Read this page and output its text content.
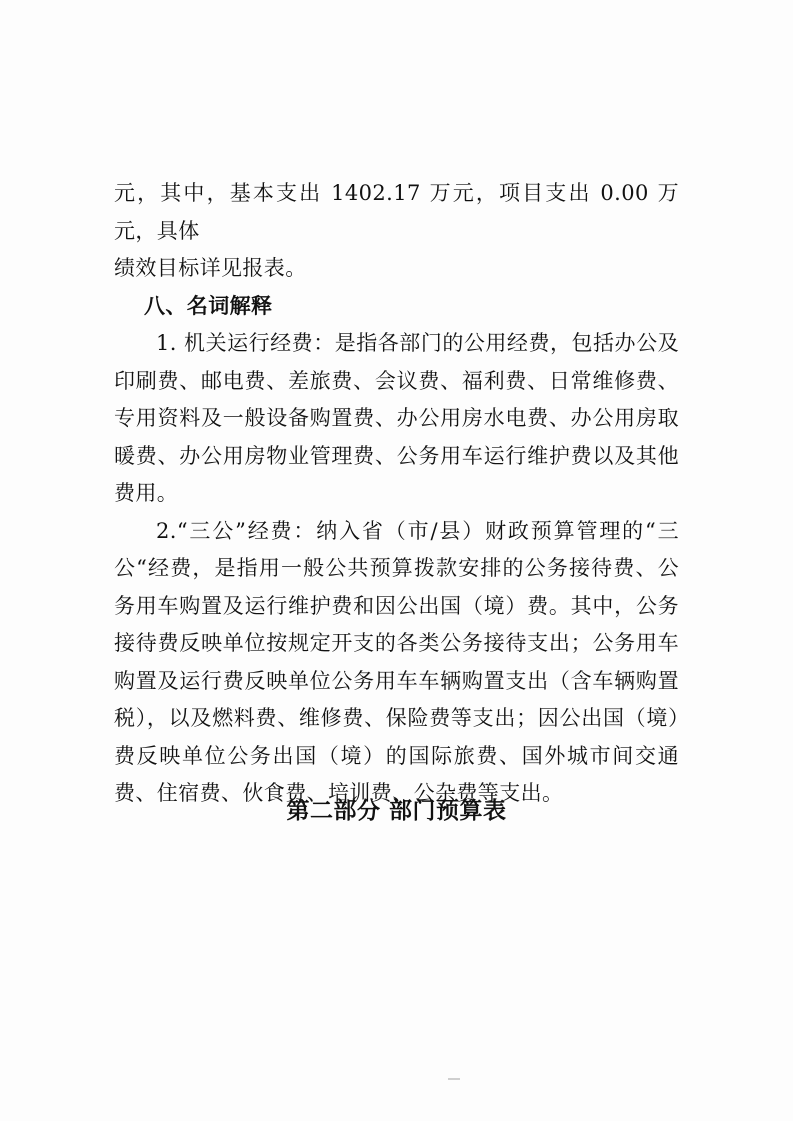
元，其中，基本支出 1402.17 万元，项目支出 0.00 万元，具体

绩效目标详见报表。

八、名词解释

1. 机关运行经费：是指各部门的公用经费，包括办公及印刷费、邮电费、差旅费、会议费、福利费、日常维修费、专用资料及一般设备购置费、办公用房水电费、办公用房取暖费、办公用房物业管理费、公务用车运行维护费以及其他费用。

2.“三公”经费：纳入省（市/县）财政预算管理的“三公“经费，是指用一般公共预算拨款安排的公务接待费、公务用车购置及运行维护费和因公出国（境）费。其中，公务接待费反映单位按规定开支的各类公务接待支出；公务用车购置及运行费反映单位公务用车车辆购置支出（含车辆购置税），以及燃料费、维修费、保险费等支出；因公出国（境）费反映单位公务出国（境）的国际旅费、国外城市间交通费、住宿费、伙食费、培训费、公杂费等支出。

第二部分 部门预算表
